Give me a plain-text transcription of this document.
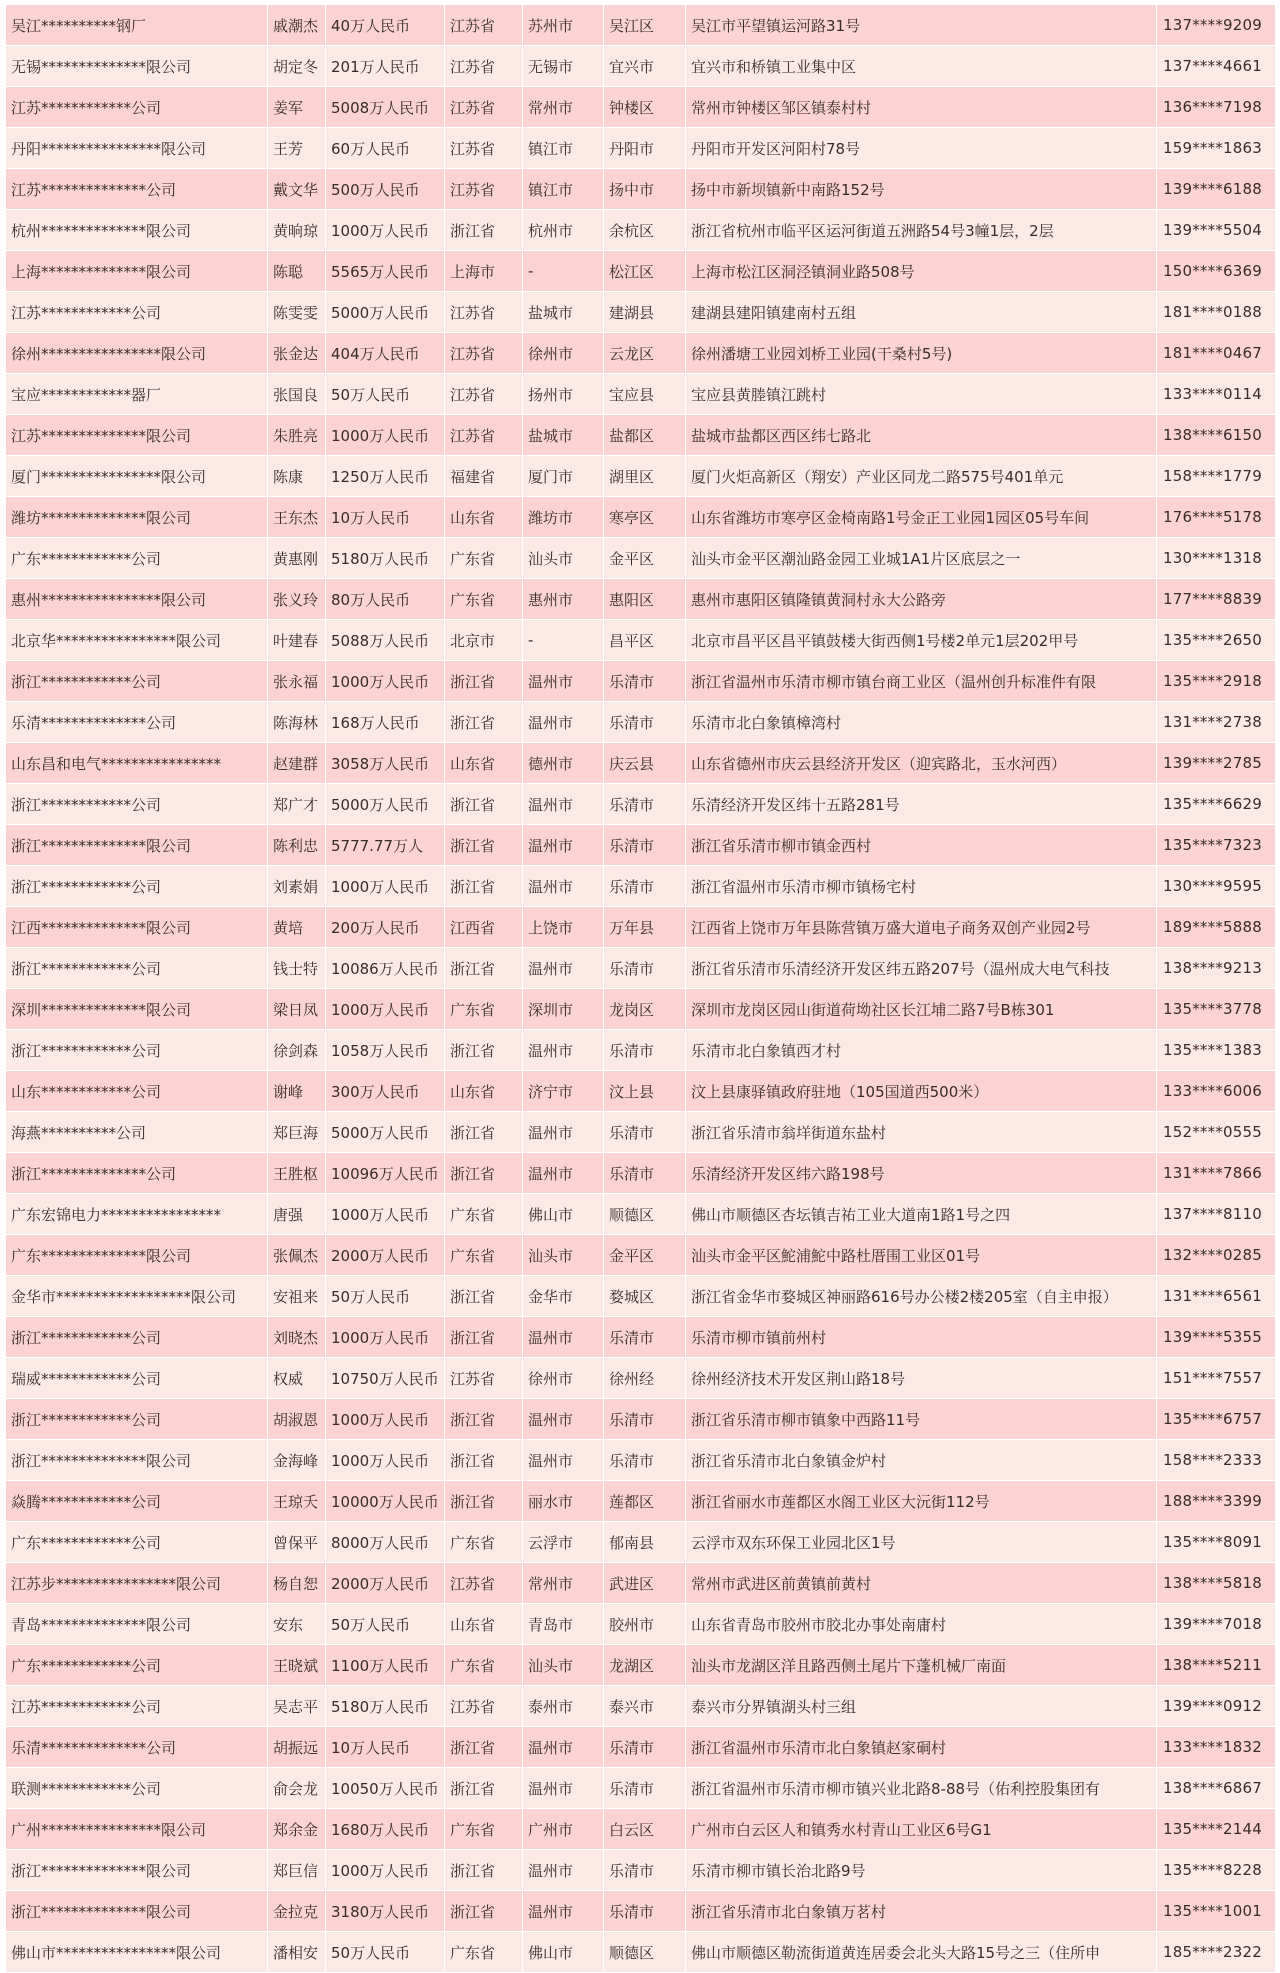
吴江**********钢厂	戚潮杰	40万人民币	江苏省	苏州市	吴江区	吴江市平望镇运河路31号	137****9209
无锡**************限公司	胡定冬	201万人民币	江苏省	无锡市	宜兴市	宜兴市和桥镇工业集中区	137****4661
江苏************公司	姜军	5008万人民币	江苏省	常州市	钟楼区	常州市钟楼区邹区镇泰村村	136****7198
丹阳****************限公司	王芳	60万人民币	江苏省	镇江市	丹阳市	丹阳市开发区河阳村78号	159****1863
江苏**************公司	戴文华	500万人民币	江苏省	镇江市	扬中市	扬中市新坝镇新中南路152号	139****6188
杭州**************限公司	黄晌琼	1000万人民币	浙江省	杭州市	余杭区	浙江省杭州市临平区运河街道五洲路54号3幢1层，2层	139****5504
上海**************限公司	陈聪	5565万人民币	上海市	-	松江区	上海市松江区洞泾镇洞业路508号	150****6369
江苏************公司	陈雯雯	5000万人民币	江苏省	盐城市	建湖县	建湖县建阳镇建南村五组	181****0188
徐州****************限公司	张金达	404万人民币	江苏省	徐州市	云龙区	徐州潘塘工业园刘桥工业园(干桑村5号)	181****0467
宝应************器厂	张国良	50万人民币	江苏省	扬州市	宝应县	宝应县黄塍镇江跳村	133****0114
江苏**************限公司	朱胜亮	1000万人民币	江苏省	盐城市	盐都区	盐城市盐都区西区纬七路北	138****6150
厦门****************限公司	陈康	1250万人民币	福建省	厦门市	湖里区	厦门火炬高新区（翔安）产业区同龙二路575号401单元	158****1779
潍坊**************限公司	王东杰	10万人民币	山东省	潍坊市	寒亭区	山东省潍坊市寒亭区金椅南路1号金正工业园1园区05号车间	176****5178
广东************公司	黄惠刚	5180万人民币	广东省	汕头市	金平区	汕头市金平区潮汕路金园工业城1A1片区底层之一	130****1318
惠州****************限公司	张义玲	80万人民币	广东省	惠州市	惠阳区	惠州市惠阳区镇隆镇黄洞村永大公路旁	177****8839
北京华****************限公司	叶建春	5088万人民币	北京市	-	昌平区	北京市昌平区昌平镇鼓楼大街西侧1号楼2单元1层202甲号	135****2650
浙江************公司	张永福	1000万人民币	浙江省	温州市	乐清市	浙江省温州市乐清市柳市镇台商工业区（温州创升标准件有限	135****2918
乐清**************公司	陈海林	168万人民币	浙江省	温州市	乐清市	乐清市北白象镇樟湾村	131****2738
山东昌和电气****************	赵建群	3058万人民币	山东省	德州市	庆云县	山东省德州市庆云县经济开发区（迎宾路北，玉水河西）	139****2785
浙江************公司	郑广才	5000万人民币	浙江省	温州市	乐清市	乐清经济开发区纬十五路281号	135****6629
浙江**************限公司	陈利忠	5777.77万人	浙江省	温州市	乐清市	浙江省乐清市柳市镇金西村	135****7323
浙江************公司	刘素娟	1000万人民币	浙江省	温州市	乐清市	浙江省温州市乐清市柳市镇杨宅村	130****9595
江西**************限公司	黄培	200万人民币	江西省	上饶市	万年县	江西省上饶市万年县陈营镇万盛大道电子商务双创产业园2号	189****5888
浙江************公司	钱士特	10086万人民币	浙江省	温州市	乐清市	浙江省乐清市乐清经济开发区纬五路207号（温州成大电气科技	138****9213
深圳**************限公司	梁日凤	1000万人民币	广东省	深圳市	龙岗区	深圳市龙岗区园山街道荷坳社区长江埔二路7号B栋301	135****3778
浙江************公司	徐剑森	1058万人民币	浙江省	温州市	乐清市	乐清市北白象镇西才村	135****1383
山东************公司	谢峰	300万人民币	山东省	济宁市	汶上县	汶上县康驿镇政府驻地（105国道西500米）	133****6006
海燕**********公司	郑巨海	5000万人民币	浙江省	温州市	乐清市	浙江省乐清市翁垟街道东盐村	152****0555
浙江**************公司	王胜枢	10096万人民币	浙江省	温州市	乐清市	乐清经济开发区纬六路198号	131****7866
广东宏锦电力****************	唐强	1000万人民币	广东省	佛山市	顺德区	佛山市顺德区杏坛镇吉祐工业大道南1路1号之四	137****8110
广东**************限公司	张佩杰	2000万人民币	广东省	汕头市	金平区	汕头市金平区鮀浦鮀中路杜厝围工业区01号	132****0285
金华市******************限公司	安祖来	50万人民币	浙江省	金华市	婺城区	浙江省金华市婺城区神丽路616号办公楼2楼205室（自主申报）	131****6561
浙江************公司	刘晓杰	1000万人民币	浙江省	温州市	乐清市	乐清市柳市镇前州村	139****5355
瑞威************公司	权威	10750万人民币	江苏省	徐州市	徐州经	徐州经济技术开发区荆山路18号	151****7557
浙江************公司	胡淑恩	1000万人民币	浙江省	温州市	乐清市	浙江省乐清市柳市镇象中西路11号	135****6757
浙江**************限公司	金海峰	1000万人民币	浙江省	温州市	乐清市	浙江省乐清市北白象镇金炉村	158****2333
焱腾************公司	王琼夭	10000万人民币	浙江省	丽水市	莲都区	浙江省丽水市莲都区水阁工业区大沅街112号	188****3399
广东************公司	曾保平	8000万人民币	广东省	云浮市	郁南县	云浮市双东环保工业园北区1号	135****8091
江苏步****************限公司	杨自恕	2000万人民币	江苏省	常州市	武进区	常州市武进区前黄镇前黄村	138****5818
青岛**************限公司	安东	50万人民币	山东省	青岛市	胶州市	山东省青岛市胶州市胶北办事处南庸村	139****7018
广东************公司	王晓斌	1100万人民币	广东省	汕头市	龙湖区	汕头市龙湖区洋且路西侧土尾片下蓬机械厂南面	138****5211
江苏************公司	吴志平	5180万人民币	江苏省	泰州市	泰兴市	泰兴市分界镇湖头村三组	139****0912
乐清**************公司	胡振远	10万人民币	浙江省	温州市	乐清市	浙江省温州市乐清市北白象镇赵家硐村	133****1832
联测************公司	俞会龙	10050万人民币	浙江省	温州市	乐清市	浙江省温州市乐清市柳市镇兴业北路8-88号（佑利控股集团有	138****6867
广州****************限公司	郑余金	1680万人民币	广东省	广州市	白云区	广州市白云区人和镇秀水村青山工业区6号G1	135****2144
浙江**************限公司	郑巨信	1000万人民币	浙江省	温州市	乐清市	乐清市柳市镇长治北路9号	135****8228
浙江**************限公司	金拉克	3180万人民币	浙江省	温州市	乐清市	浙江省乐清市北白象镇万茗村	135****1001
佛山市****************限公司	潘相安	50万人民币	广东省	佛山市	顺德区	佛山市顺德区勒流街道黄连居委会北头大路15号之三（住所申	185****2322
